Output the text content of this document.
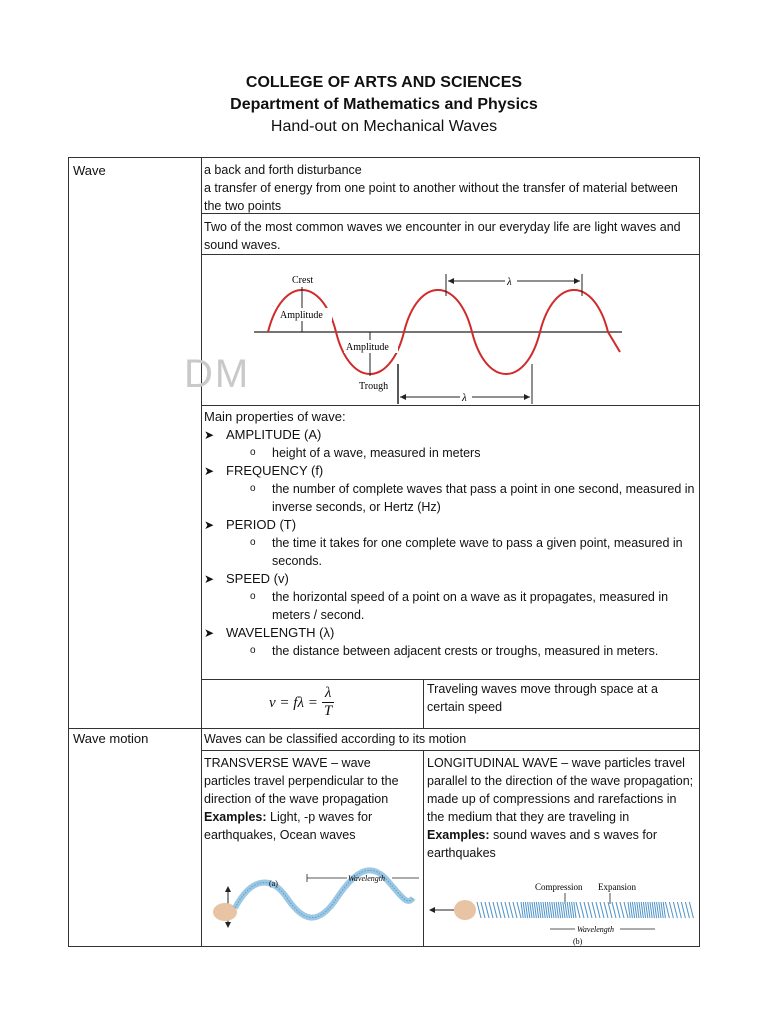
COLLEGE OF ARTS AND SCIENCES
Department of Mathematics and Physics
Hand-out on Mechanical Waves
Wave	a back and forth disturbance
a transfer of energy from one point to another without the transfer of material between the two points
Two of the most common waves we encounter in our everyday life are light waves and sound waves.
Crest
Amplitude
Amplitude
Trough
λ
λ
DM
Main properties of wave:
➤ AMPLITUDE (A)
o	height of a wave, measured in meters
➤ FREQUENCY (f)
o	the number of complete waves that pass a point in one second, measured in inverse seconds, or Hertz (Hz)
➤ PERIOD (T)
o	the time it takes for one complete wave to pass a given point, measured in seconds.
➤ SPEED (v)
o	the horizontal speed of a point on a wave as it propagates, measured in meters / second.
➤ WAVELENGTH (λ)
o	the distance between adjacent crests or troughs, measured in meters.
$v = f\lambda = \frac{\lambda}{T}$	Traveling waves move through space at a certain speed
Wave motion	Waves can be classified according to its motion
TRANSVERSE WAVE – wave particles travel perpendicular to the direction of the wave propagation
Examples: Light, -p waves for earthquakes, Ocean waves
LONGITUDINAL WAVE – wave particles travel parallel to the direction of the wave propagation; made up of compressions and rarefactions in the medium that they are traveling in
Examples: sound waves and s waves for earthquakes
Wavelength
(a)	Compression Expansion
Wavelength
(b)
